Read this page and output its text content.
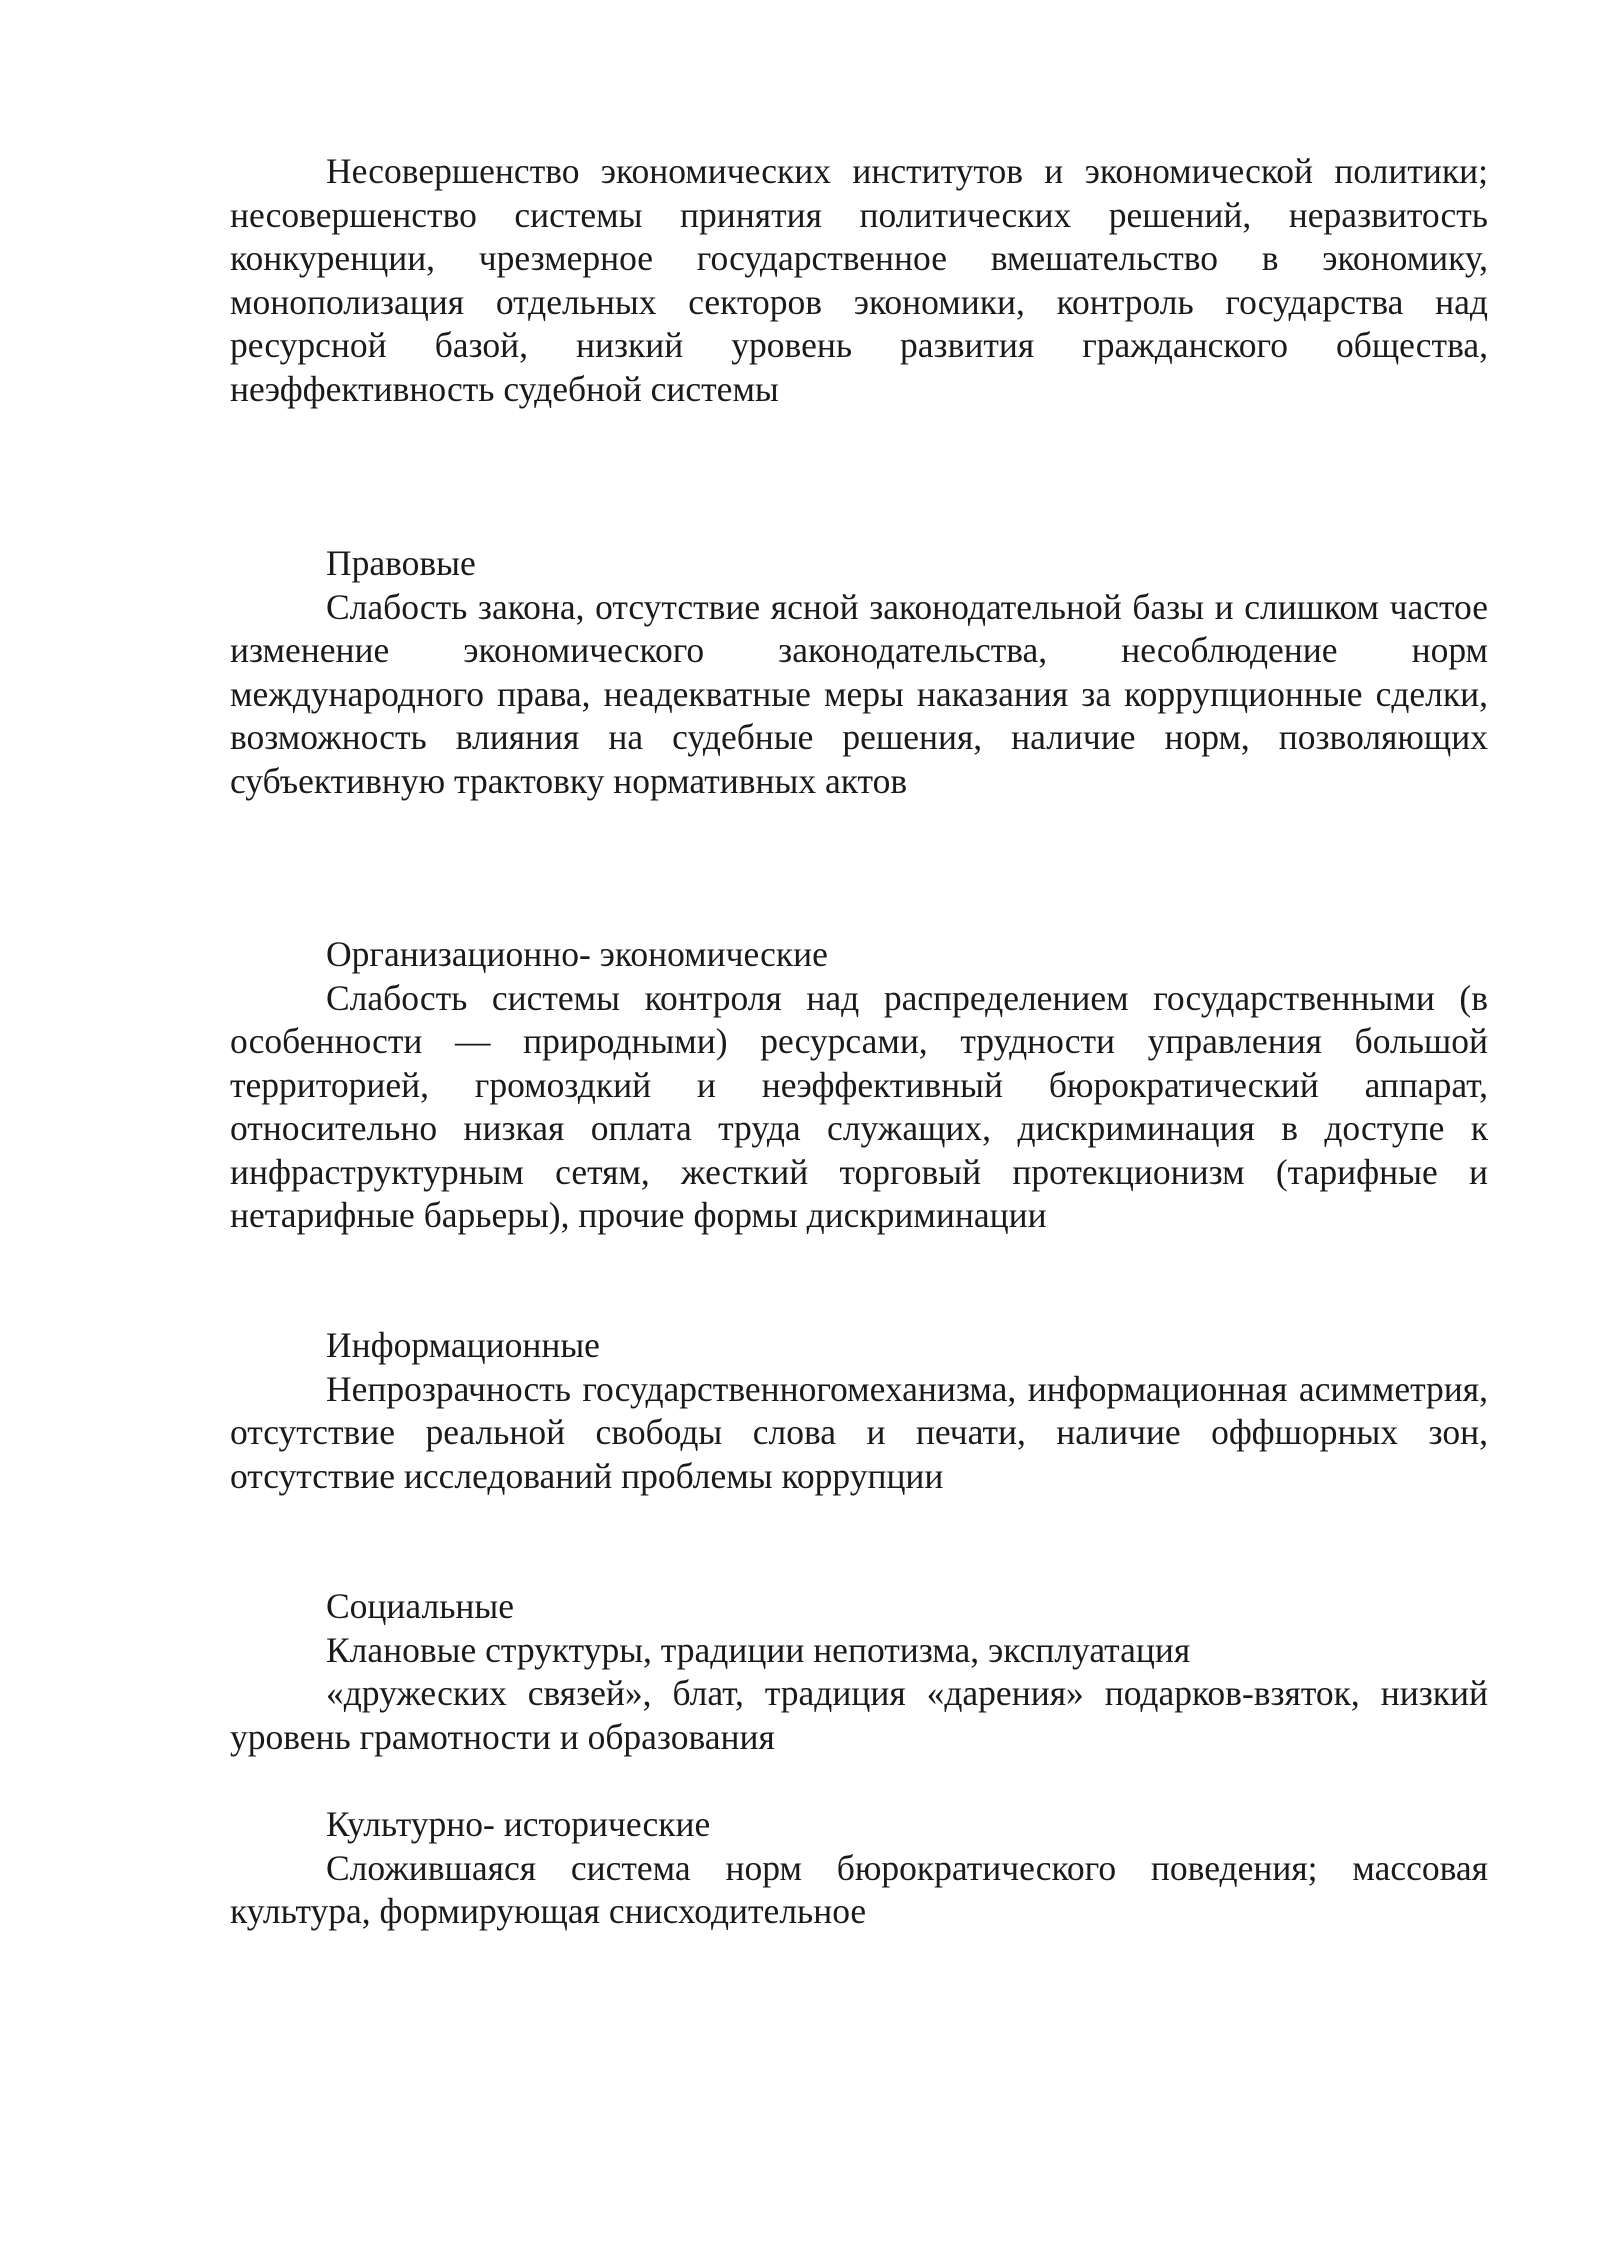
Несовершенство экономических институтов и экономической политики; несовершенство системы принятия политических решений, неразвитость конкуренции, чрезмерное государственное вмешательство в экономику, монополизация отдельных секторов экономики, контроль государства над ресурсной базой, низкий уровень развития гражданского общества, неэффективность судебной системы

Правовые

Слабость закона, отсутствие ясной законодательной базы и слишком частое изменение экономического законодательства, несоблюдение норм международного права, неадекватные меры наказания за коррупционные сделки, возможность влияния на судебные решения, наличие норм, позволяющих субъективную трактовку нормативных актов

Организационно- экономические

Слабость системы контроля над распределением государственными (в особенности — природными) ресурсами, трудности управления большой территорией, громоздкий и неэффективный бюрократический аппарат, относительно низкая оплата труда служащих, дискриминация в доступе к инфраструктурным сетям, жесткий торговый протекционизм (тарифные и нетарифные барьеры), прочие формы дискриминации

Информационные

Непрозрачность государственногомеханизма, информационная асимметрия, отсутствие реальной свободы слова и печати, наличие оффшорных зон, отсутствие исследований проблемы коррупции

Социальные

Клановые структуры, традиции непотизма, эксплуатация

«дружеских связей», блат, традиция «дарения» подарков-взяток, низкий уровень грамотности и образования

Культурно- исторические

Сложившаяся система норм бюрократического поведения; массовая культура, формирующая снисходительное
